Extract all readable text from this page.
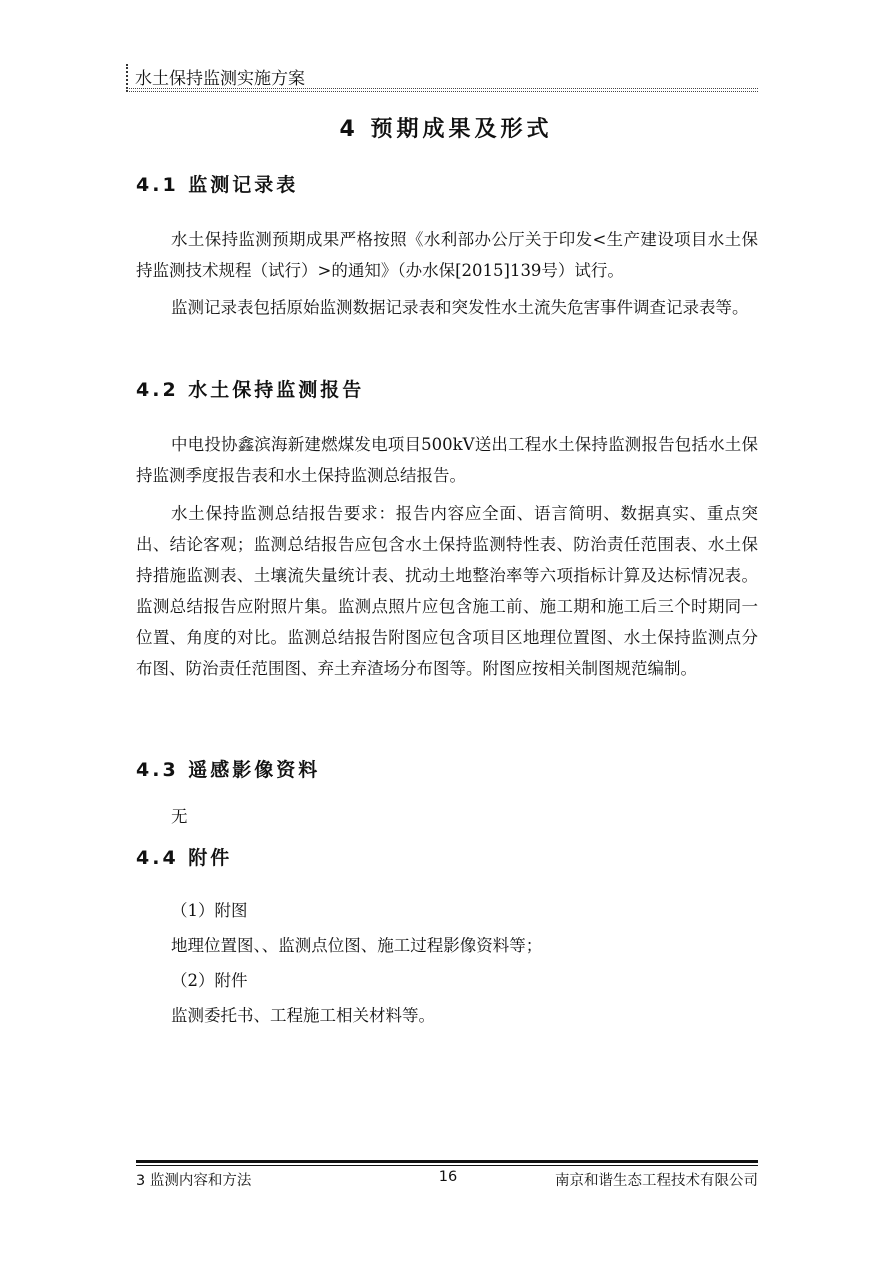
水土保持监测实施方案
4 预期成果及形式
4.1 监测记录表
水土保持监测预期成果严格按照《水利部办公厅关于印发<生产建设项目水土保持监测技术规程（试行）>的通知》（办水保[2015]139号）试行。
监测记录表包括原始监测数据记录表和突发性水土流失危害事件调查记录表等。
4.2 水土保持监测报告
中电投协鑫滨海新建燃煤发电项目500kV送出工程水土保持监测报告包括水土保持监测季度报告表和水土保持监测总结报告。
水土保持监测总结报告要求：报告内容应全面、语言简明、数据真实、重点突出、结论客观；监测总结报告应包含水土保持监测特性表、防治责任范围表、水土保持措施监测表、土壤流失量统计表、扰动土地整治率等六项指标计算及达标情况表。监测总结报告应附照片集。监测点照片应包含施工前、施工期和施工后三个时期同一位置、角度的对比。监测总结报告附图应包含项目区地理位置图、水土保持监测点分布图、防治责任范围图、弃土弃渣场分布图等。附图应按相关制图规范编制。
4.3 遥感影像资料
无
4.4 附件
（1）附图
地理位置图、、监测点位图、施工过程影像资料等；
（2）附件
监测委托书、工程施工相关材料等。
3 监测内容和方法	16	南京和谐生态工程技术有限公司
